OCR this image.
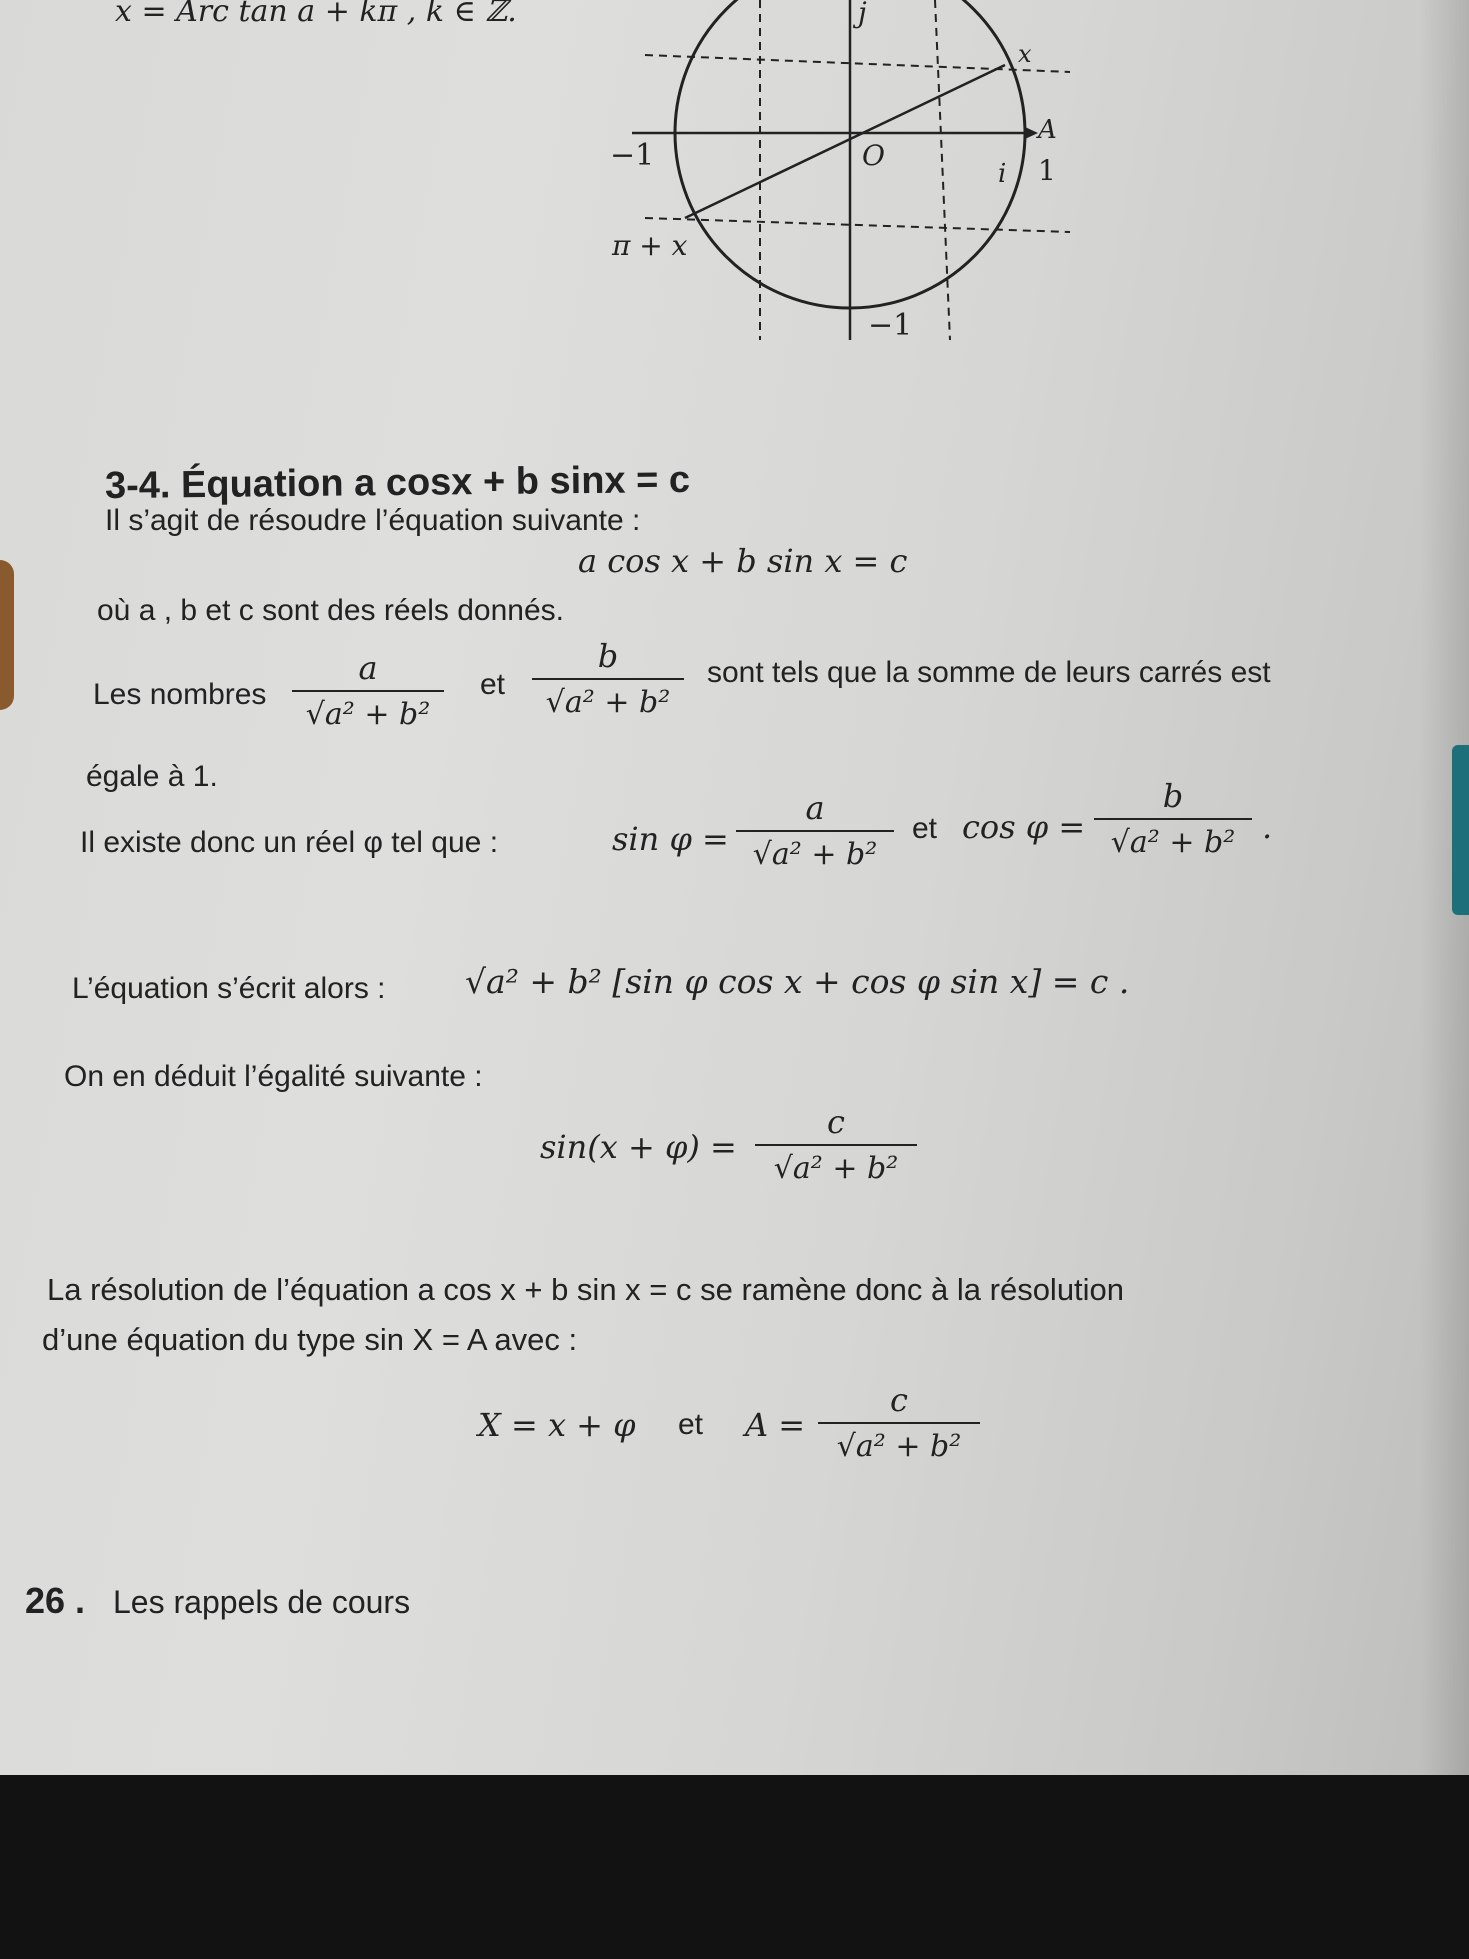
x = Arc tan a + kπ , k ∈ ℤ.	j
x
A
−1	O
i 1
π + x
−1
3-4. Équation a cosx + b sinx = c
Il s’agit de résoudre l’équation suivante :
a cos x + b sin x = c
où a , b et c sont des réels donnés.
Les nombres
a
√a² + b²
et
b
√a² + b²
sont tels que la somme de leurs carrés est
égale à 1.
Il existe donc un réel φ tel que :	sin φ =
a
√a² + b²
et cos φ =
b
√a² + b² .
L’équation s’écrit alors : √a² + b² [sin φ cos x + cos φ sin x] = c .
On en déduit l’égalité suivante :
sin(x + φ) =
c
√a² + b²
La résolution de l’équation a cos x + b sin x = c se ramène donc à la résolution
d’une équation du type sin X = A avec :
X = x + φ et A =
c
√a² + b²
26 . Les rappels de cours
